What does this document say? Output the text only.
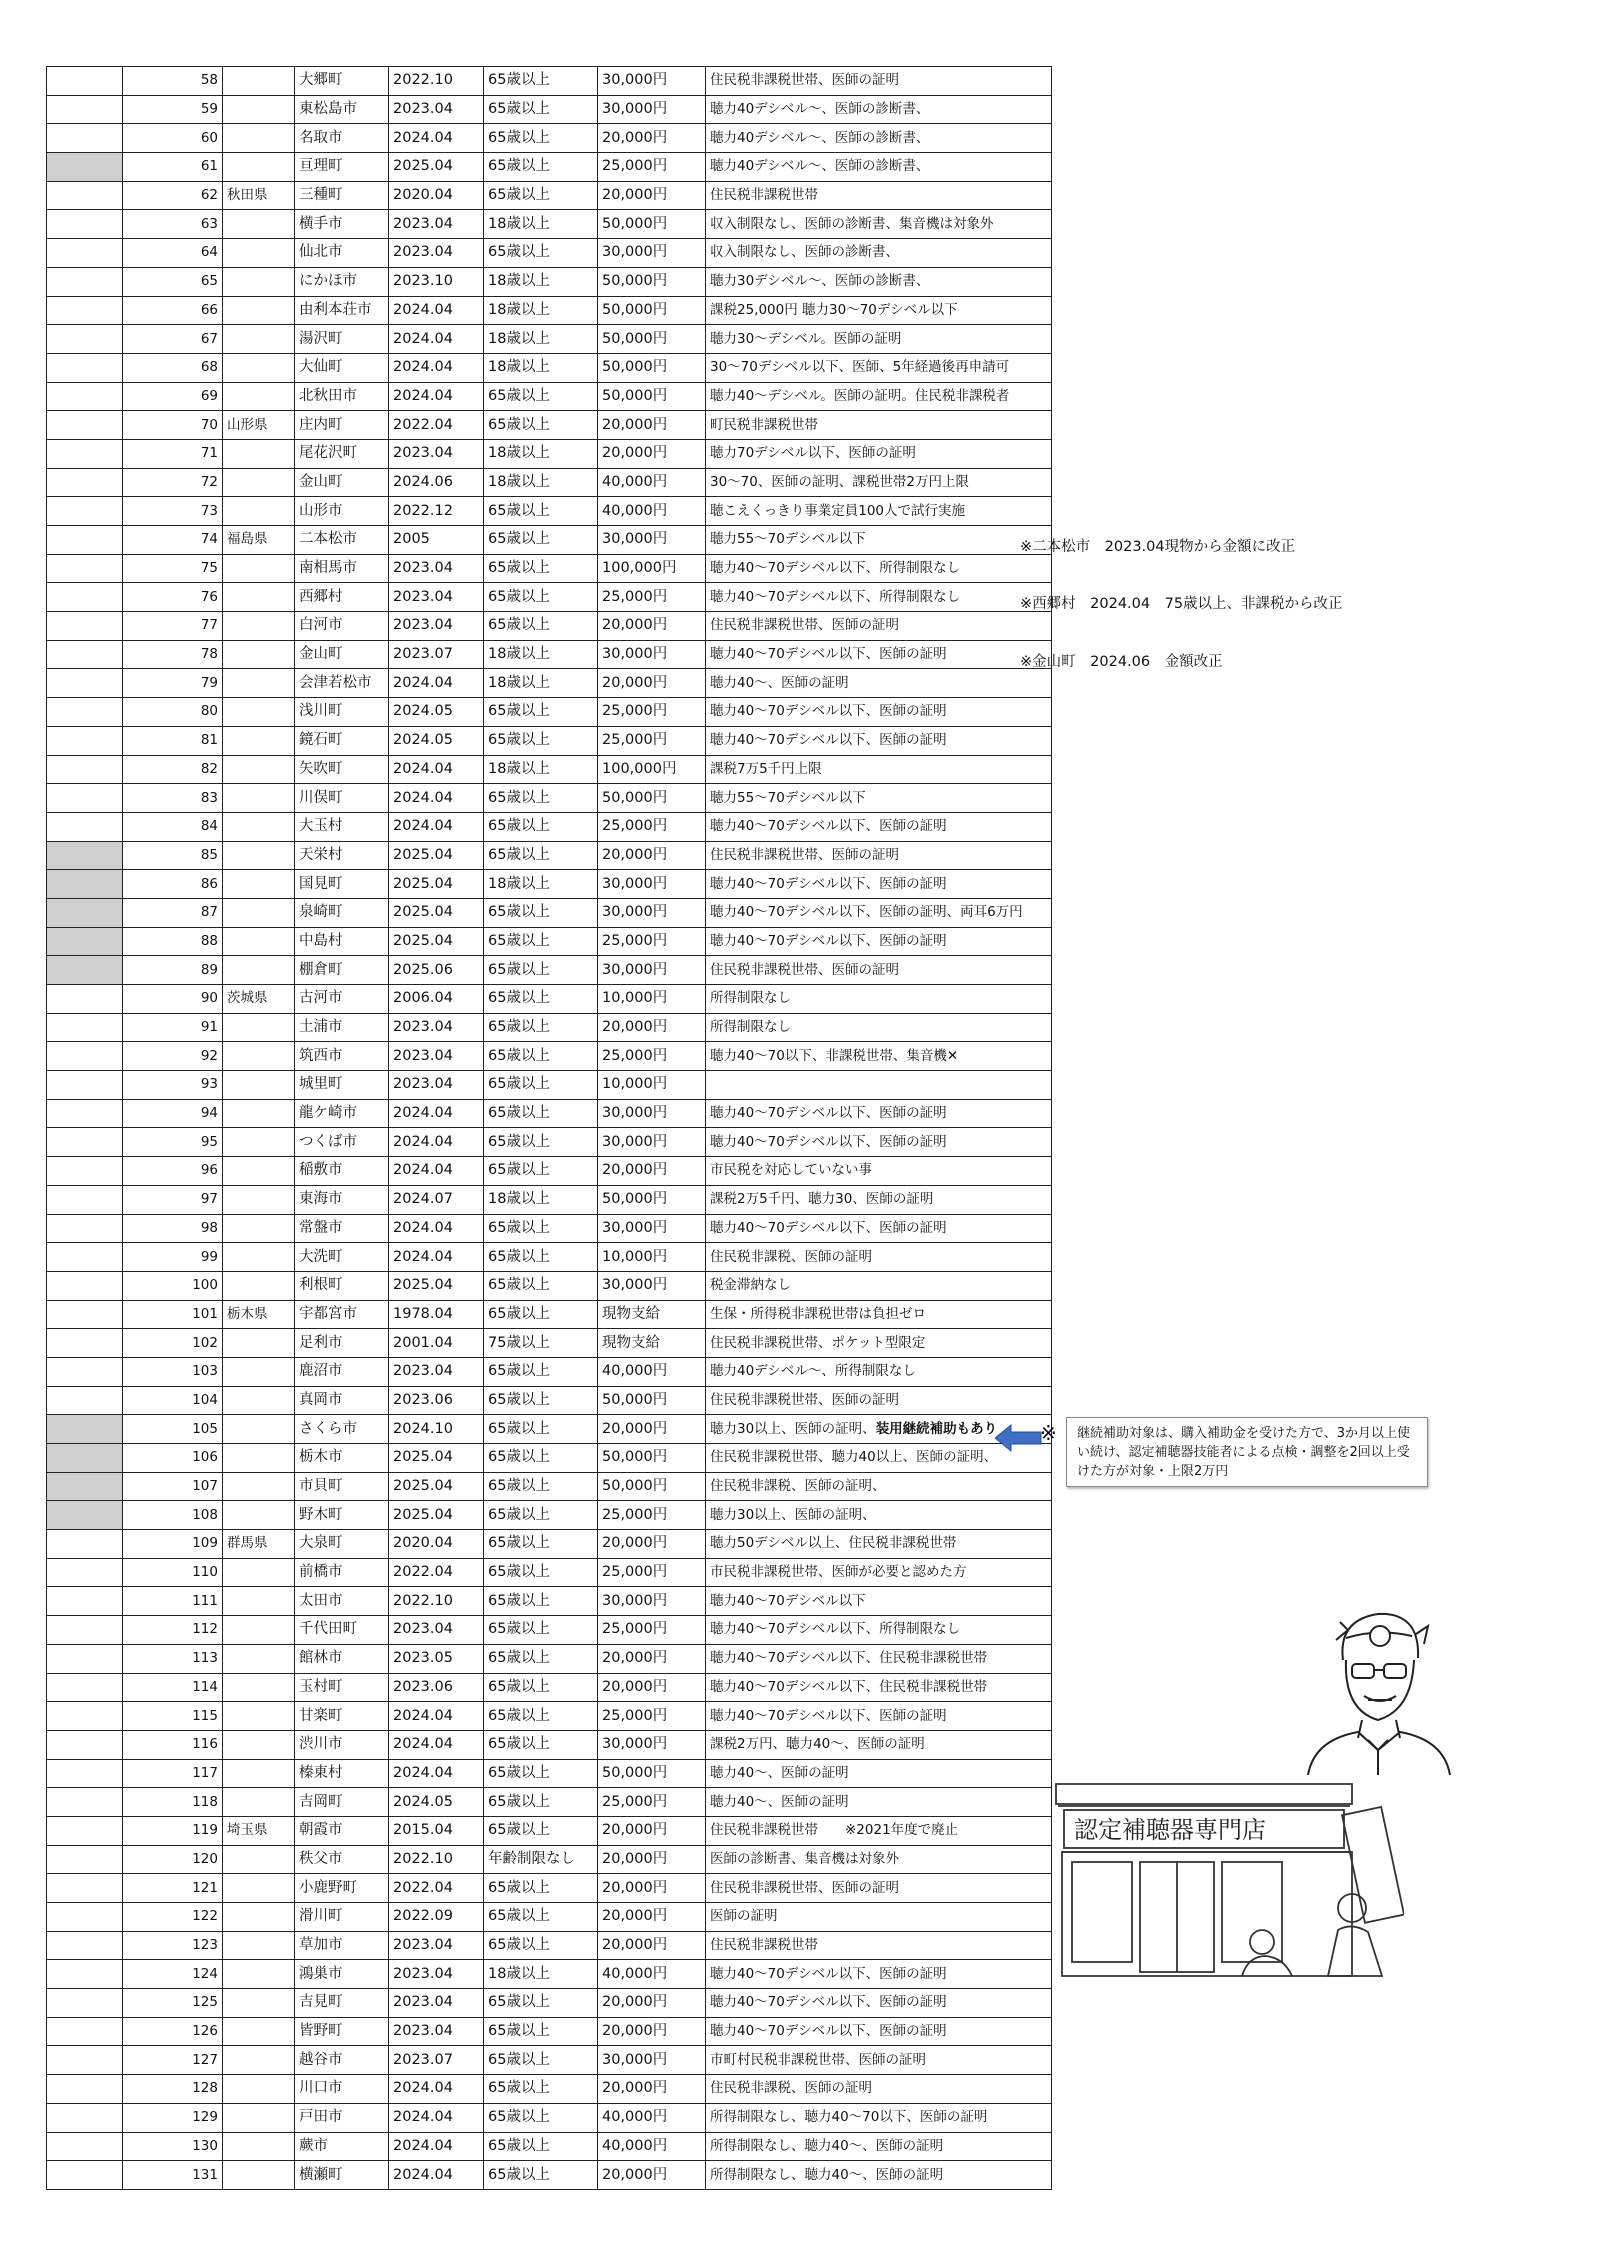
	58		大郷町	2022.10	65歳以上	30,000円	住民税非課税世帯、医師の証明
	59		東松島市	2023.04	65歳以上	30,000円	聴力40デシベル～、医師の診断書、
	60		名取市	2024.04	65歳以上	20,000円	聴力40デシベル～、医師の診断書、
	61		亘理町	2025.04	65歳以上	25,000円	聴力40デシベル～、医師の診断書、
	62	秋田県	三種町	2020.04	65歳以上	20,000円	住民税非課税世帯
	63		横手市	2023.04	18歳以上	50,000円	収入制限なし、医師の診断書、集音機は対象外
	64		仙北市	2023.04	65歳以上	30,000円	収入制限なし、医師の診断書、
	65		にかほ市	2023.10	18歳以上	50,000円	聴力30デシベル～、医師の診断書、
	66		由利本荘市	2024.04	18歳以上	50,000円	課税25,000円 聴力30～70デシベル以下
	67		湯沢町	2024.04	18歳以上	50,000円	聴力30～デシベル。医師の証明
	68		大仙町	2024.04	18歳以上	50,000円	30～70デシベル以下、医師、5年経過後再申請可
	69		北秋田市	2024.04	65歳以上	50,000円	聴力40～デシベル。医師の証明。住民税非課税者
	70	山形県	庄内町	2022.04	65歳以上	20,000円	町民税非課税世帯
	71		尾花沢町	2023.04	18歳以上	20,000円	聴力70デシベル以下、医師の証明
	72		金山町	2024.06	18歳以上	40,000円	30～70、医師の証明、課税世帯2万円上限
	73		山形市	2022.12	65歳以上	40,000円	聴こえくっきり事業定員100人で試行実施
	74	福島県	二本松市	2005	65歳以上	30,000円	聴力55～70デシベル以下
	75		南相馬市	2023.04	65歳以上	100,000円	聴力40～70デシベル以下、所得制限なし
	76		西郷村	2023.04	65歳以上	25,000円	聴力40～70デシベル以下、所得制限なし
	77		白河市	2023.04	65歳以上	20,000円	住民税非課税世帯、医師の証明
	78		金山町	2023.07	18歳以上	30,000円	聴力40～70デシベル以下、医師の証明
	79		会津若松市	2024.04	18歳以上	20,000円	聴力40～、医師の証明
	80		浅川町	2024.05	65歳以上	25,000円	聴力40～70デシベル以下、医師の証明
	81		鏡石町	2024.05	65歳以上	25,000円	聴力40～70デシベル以下、医師の証明
	82		矢吹町	2024.04	18歳以上	100,000円	課税7万5千円上限
	83		川俣町	2024.04	65歳以上	50,000円	聴力55～70デシベル以下
	84		大玉村	2024.04	65歳以上	25,000円	聴力40～70デシベル以下、医師の証明
	85		天栄村	2025.04	65歳以上	20,000円	住民税非課税世帯、医師の証明
	86		国見町	2025.04	18歳以上	30,000円	聴力40～70デシベル以下、医師の証明
	87		泉崎町	2025.04	65歳以上	30,000円	聴力40～70デシベル以下、医師の証明、両耳6万円
	88		中島村	2025.04	65歳以上	25,000円	聴力40～70デシベル以下、医師の証明
	89		棚倉町	2025.06	65歳以上	30,000円	住民税非課税世帯、医師の証明
	90	茨城県	古河市	2006.04	65歳以上	10,000円	所得制限なし
	91		土浦市	2023.04	65歳以上	20,000円	所得制限なし
	92		筑西市	2023.04	65歳以上	25,000円	聴力40～70以下、非課税世帯、集音機✕
	93		城里町	2023.04	65歳以上	10,000円	
	94		龍ケ崎市	2024.04	65歳以上	30,000円	聴力40～70デシベル以下、医師の証明
	95		つくば市	2024.04	65歳以上	30,000円	聴力40～70デシベル以下、医師の証明
	96		稲敷市	2024.04	65歳以上	20,000円	市民税を対応していない事
	97		東海市	2024.07	18歳以上	50,000円	課税2万5千円、聴力30、医師の証明
	98		常盤市	2024.04	65歳以上	30,000円	聴力40～70デシベル以下、医師の証明
	99		大洗町	2024.04	65歳以上	10,000円	住民税非課税、医師の証明
	100		利根町	2025.04	65歳以上	30,000円	税金滞納なし
	101	栃木県	宇都宮市	1978.04	65歳以上	現物支給	生保・所得税非課税世帯は負担ゼロ
	102		足利市	2001.04	75歳以上	現物支給	住民税非課税世帯、ポケット型限定
	103		鹿沼市	2023.04	65歳以上	40,000円	聴力40デシベル～、所得制限なし
	104		真岡市	2023.06	65歳以上	50,000円	住民税非課税世帯、医師の証明
	105		さくら市	2024.10	65歳以上	20,000円	聴力30以上、医師の証明、装用継続補助もあり
	106		栃木市	2025.04	65歳以上	50,000円	住民税非課税世帯、聴力40以上、医師の証明、
	107		市貝町	2025.04	65歳以上	50,000円	住民税非課税、医師の証明、
	108		野木町	2025.04	65歳以上	25,000円	聴力30以上、医師の証明、
	109	群馬県	大泉町	2020.04	65歳以上	20,000円	聴力50デシベル以上、住民税非課税世帯
	110		前橋市	2022.04	65歳以上	25,000円	市民税非課税世帯、医師が必要と認めた方
	111		太田市	2022.10	65歳以上	30,000円	聴力40～70デシベル以下
	112		千代田町	2023.04	65歳以上	25,000円	聴力40～70デシベル以下、所得制限なし
	113		館林市	2023.05	65歳以上	20,000円	聴力40～70デシベル以下、住民税非課税世帯
	114		玉村町	2023.06	65歳以上	20,000円	聴力40～70デシベル以下、住民税非課税世帯
	115		甘楽町	2024.04	65歳以上	25,000円	聴力40～70デシベル以下、医師の証明
	116		渋川市	2024.04	65歳以上	30,000円	課税2万円、聴力40～、医師の証明
	117		榛東村	2024.04	65歳以上	50,000円	聴力40～、医師の証明
	118		吉岡町	2024.05	65歳以上	25,000円	聴力40～、医師の証明
	119	埼玉県	朝霞市	2015.04	65歳以上	20,000円	住民税非課税世帯　　※2021年度で廃止
	120		秩父市	2022.10	年齢制限なし	20,000円	医師の診断書、集音機は対象外
	121		小鹿野町	2022.04	65歳以上	20,000円	住民税非課税世帯、医師の証明
	122		滑川町	2022.09	65歳以上	20,000円	医師の証明
	123		草加市	2023.04	65歳以上	20,000円	住民税非課税世帯
	124		鴻巣市	2023.04	18歳以上	40,000円	聴力40～70デシベル以下、医師の証明
	125		吉見町	2023.04	65歳以上	20,000円	聴力40～70デシベル以下、医師の証明
	126		皆野町	2023.04	65歳以上	20,000円	聴力40～70デシベル以下、医師の証明
	127		越谷市	2023.07	65歳以上	30,000円	市町村民税非課税世帯、医師の証明
	128		川口市	2024.04	65歳以上	20,000円	住民税非課税、医師の証明
	129		戸田市	2024.04	65歳以上	40,000円	所得制限なし、聴力40～70以下、医師の証明
	130		蕨市	2024.04	65歳以上	40,000円	所得制限なし、聴力40～、医師の証明
	131		横瀬町	2024.04	65歳以上	20,000円	所得制限なし、聴力40～、医師の証明
※二本松市　2023.04現物から金額に改正
※西郷村　2024.04　75歳以上、非課税から改正
※金山町　2024.06　金額改正
※	継続補助対象は、購入補助金を受けた方で、3か月以上使い続け、認定補聴器技能者による点検・調整を2回以上受けた方が対象・上限2万円
認定補聴器専門店
